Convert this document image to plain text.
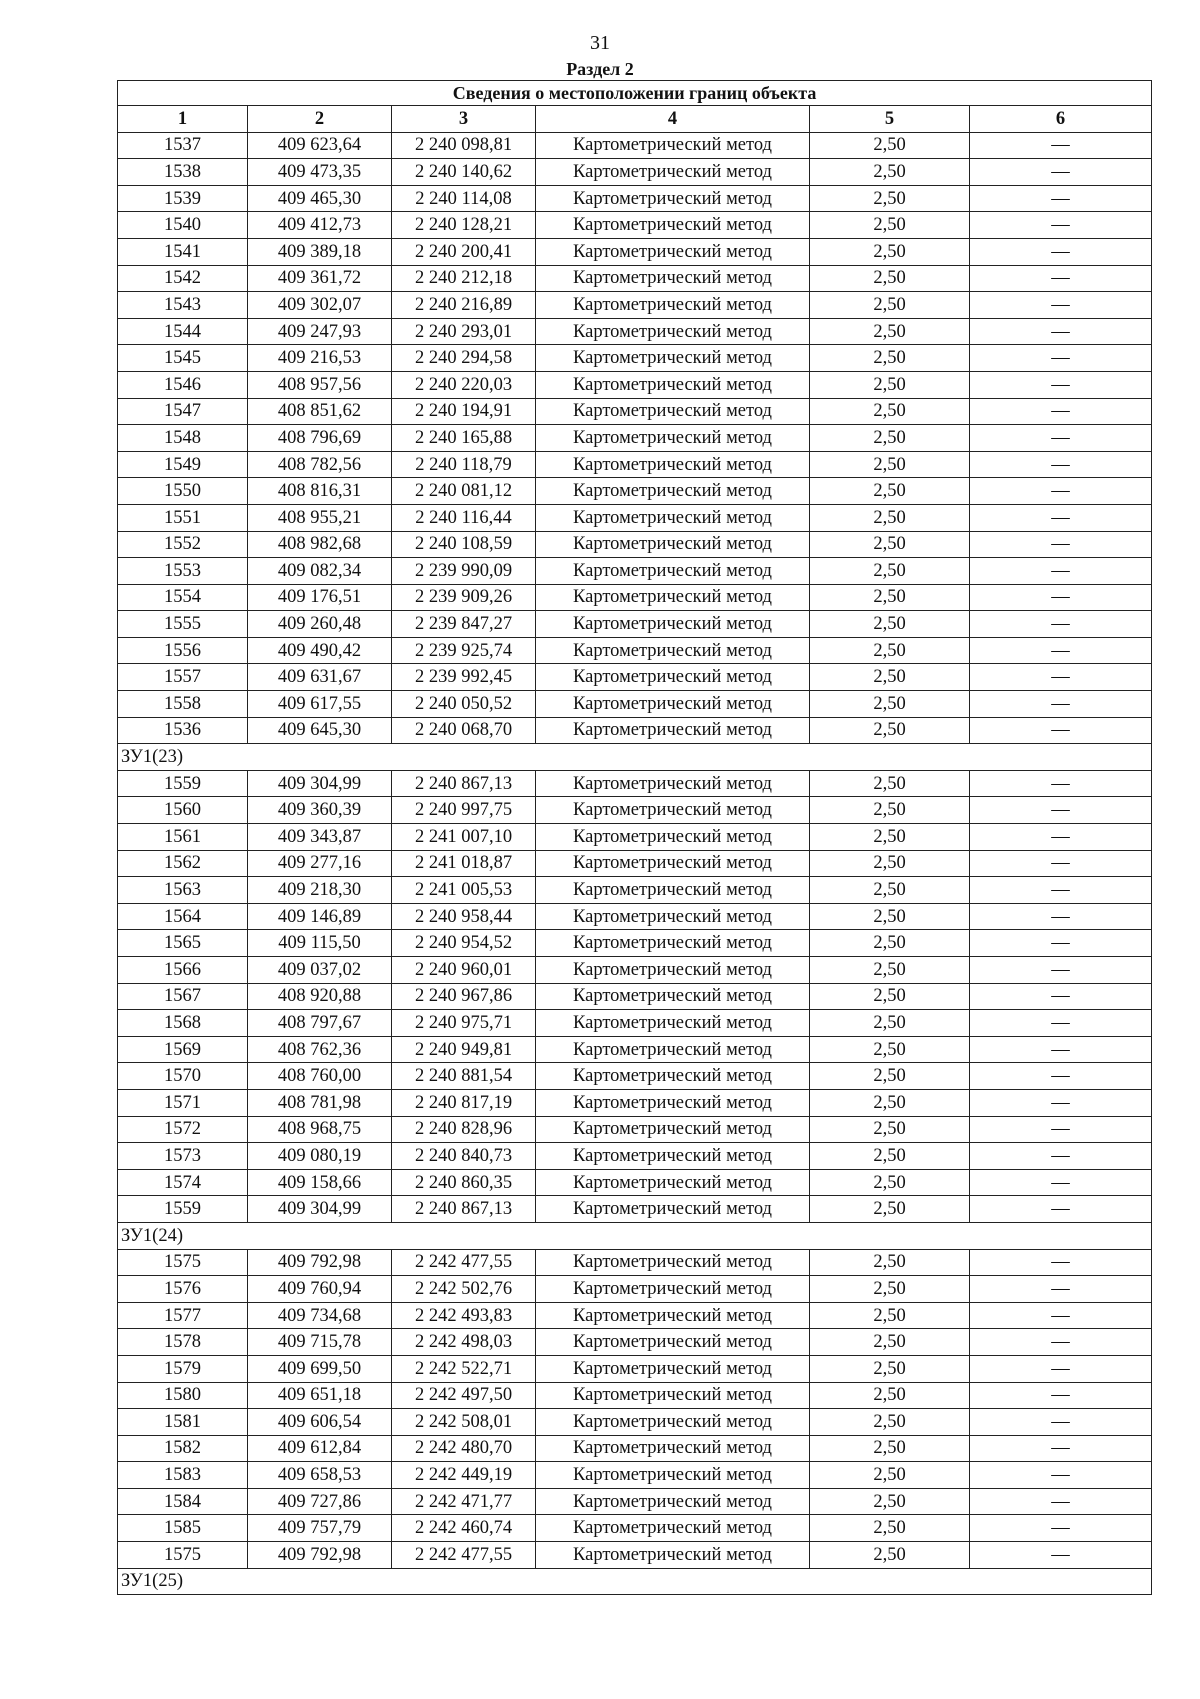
31
Раздел 2
Сведения о местоположении границ объекта					
1	2	3	4	5	6
1537	409 623,64	2 240 098,81	Картометрический метод	2,50	—
1538	409 473,35	2 240 140,62	Картометрический метод	2,50	—
1539	409 465,30	2 240 114,08	Картометрический метод	2,50	—
1540	409 412,73	2 240 128,21	Картометрический метод	2,50	—
1541	409 389,18	2 240 200,41	Картометрический метод	2,50	—
1542	409 361,72	2 240 212,18	Картометрический метод	2,50	—
1543	409 302,07	2 240 216,89	Картометрический метод	2,50	—
1544	409 247,93	2 240 293,01	Картометрический метод	2,50	—
1545	409 216,53	2 240 294,58	Картометрический метод	2,50	—
1546	408 957,56	2 240 220,03	Картометрический метод	2,50	—
1547	408 851,62	2 240 194,91	Картометрический метод	2,50	—
1548	408 796,69	2 240 165,88	Картометрический метод	2,50	—
1549	408 782,56	2 240 118,79	Картометрический метод	2,50	—
1550	408 816,31	2 240 081,12	Картометрический метод	2,50	—
1551	408 955,21	2 240 116,44	Картометрический метод	2,50	—
1552	408 982,68	2 240 108,59	Картометрический метод	2,50	—
1553	409 082,34	2 239 990,09	Картометрический метод	2,50	—
1554	409 176,51	2 239 909,26	Картометрический метод	2,50	—
1555	409 260,48	2 239 847,27	Картометрический метод	2,50	—
1556	409 490,42	2 239 925,74	Картометрический метод	2,50	—
1557	409 631,67	2 239 992,45	Картометрический метод	2,50	—
1558	409 617,55	2 240 050,52	Картометрический метод	2,50	—
1536	409 645,30	2 240 068,70	Картометрический метод	2,50	—
ЗУ1(23)					
1559	409 304,99	2 240 867,13	Картометрический метод	2,50	—
1560	409 360,39	2 240 997,75	Картометрический метод	2,50	—
1561	409 343,87	2 241 007,10	Картометрический метод	2,50	—
1562	409 277,16	2 241 018,87	Картометрический метод	2,50	—
1563	409 218,30	2 241 005,53	Картометрический метод	2,50	—
1564	409 146,89	2 240 958,44	Картометрический метод	2,50	—
1565	409 115,50	2 240 954,52	Картометрический метод	2,50	—
1566	409 037,02	2 240 960,01	Картометрический метод	2,50	—
1567	408 920,88	2 240 967,86	Картометрический метод	2,50	—
1568	408 797,67	2 240 975,71	Картометрический метод	2,50	—
1569	408 762,36	2 240 949,81	Картометрический метод	2,50	—
1570	408 760,00	2 240 881,54	Картометрический метод	2,50	—
1571	408 781,98	2 240 817,19	Картометрический метод	2,50	—
1572	408 968,75	2 240 828,96	Картометрический метод	2,50	—
1573	409 080,19	2 240 840,73	Картометрический метод	2,50	—
1574	409 158,66	2 240 860,35	Картометрический метод	2,50	—
1559	409 304,99	2 240 867,13	Картометрический метод	2,50	—
ЗУ1(24)					
1575	409 792,98	2 242 477,55	Картометрический метод	2,50	—
1576	409 760,94	2 242 502,76	Картометрический метод	2,50	—
1577	409 734,68	2 242 493,83	Картометрический метод	2,50	—
1578	409 715,78	2 242 498,03	Картометрический метод	2,50	—
1579	409 699,50	2 242 522,71	Картометрический метод	2,50	—
1580	409 651,18	2 242 497,50	Картометрический метод	2,50	—
1581	409 606,54	2 242 508,01	Картометрический метод	2,50	—
1582	409 612,84	2 242 480,70	Картометрический метод	2,50	—
1583	409 658,53	2 242 449,19	Картометрический метод	2,50	—
1584	409 727,86	2 242 471,77	Картометрический метод	2,50	—
1585	409 757,79	2 242 460,74	Картометрический метод	2,50	—
1575	409 792,98	2 242 477,55	Картометрический метод	2,50	—
ЗУ1(25)					
